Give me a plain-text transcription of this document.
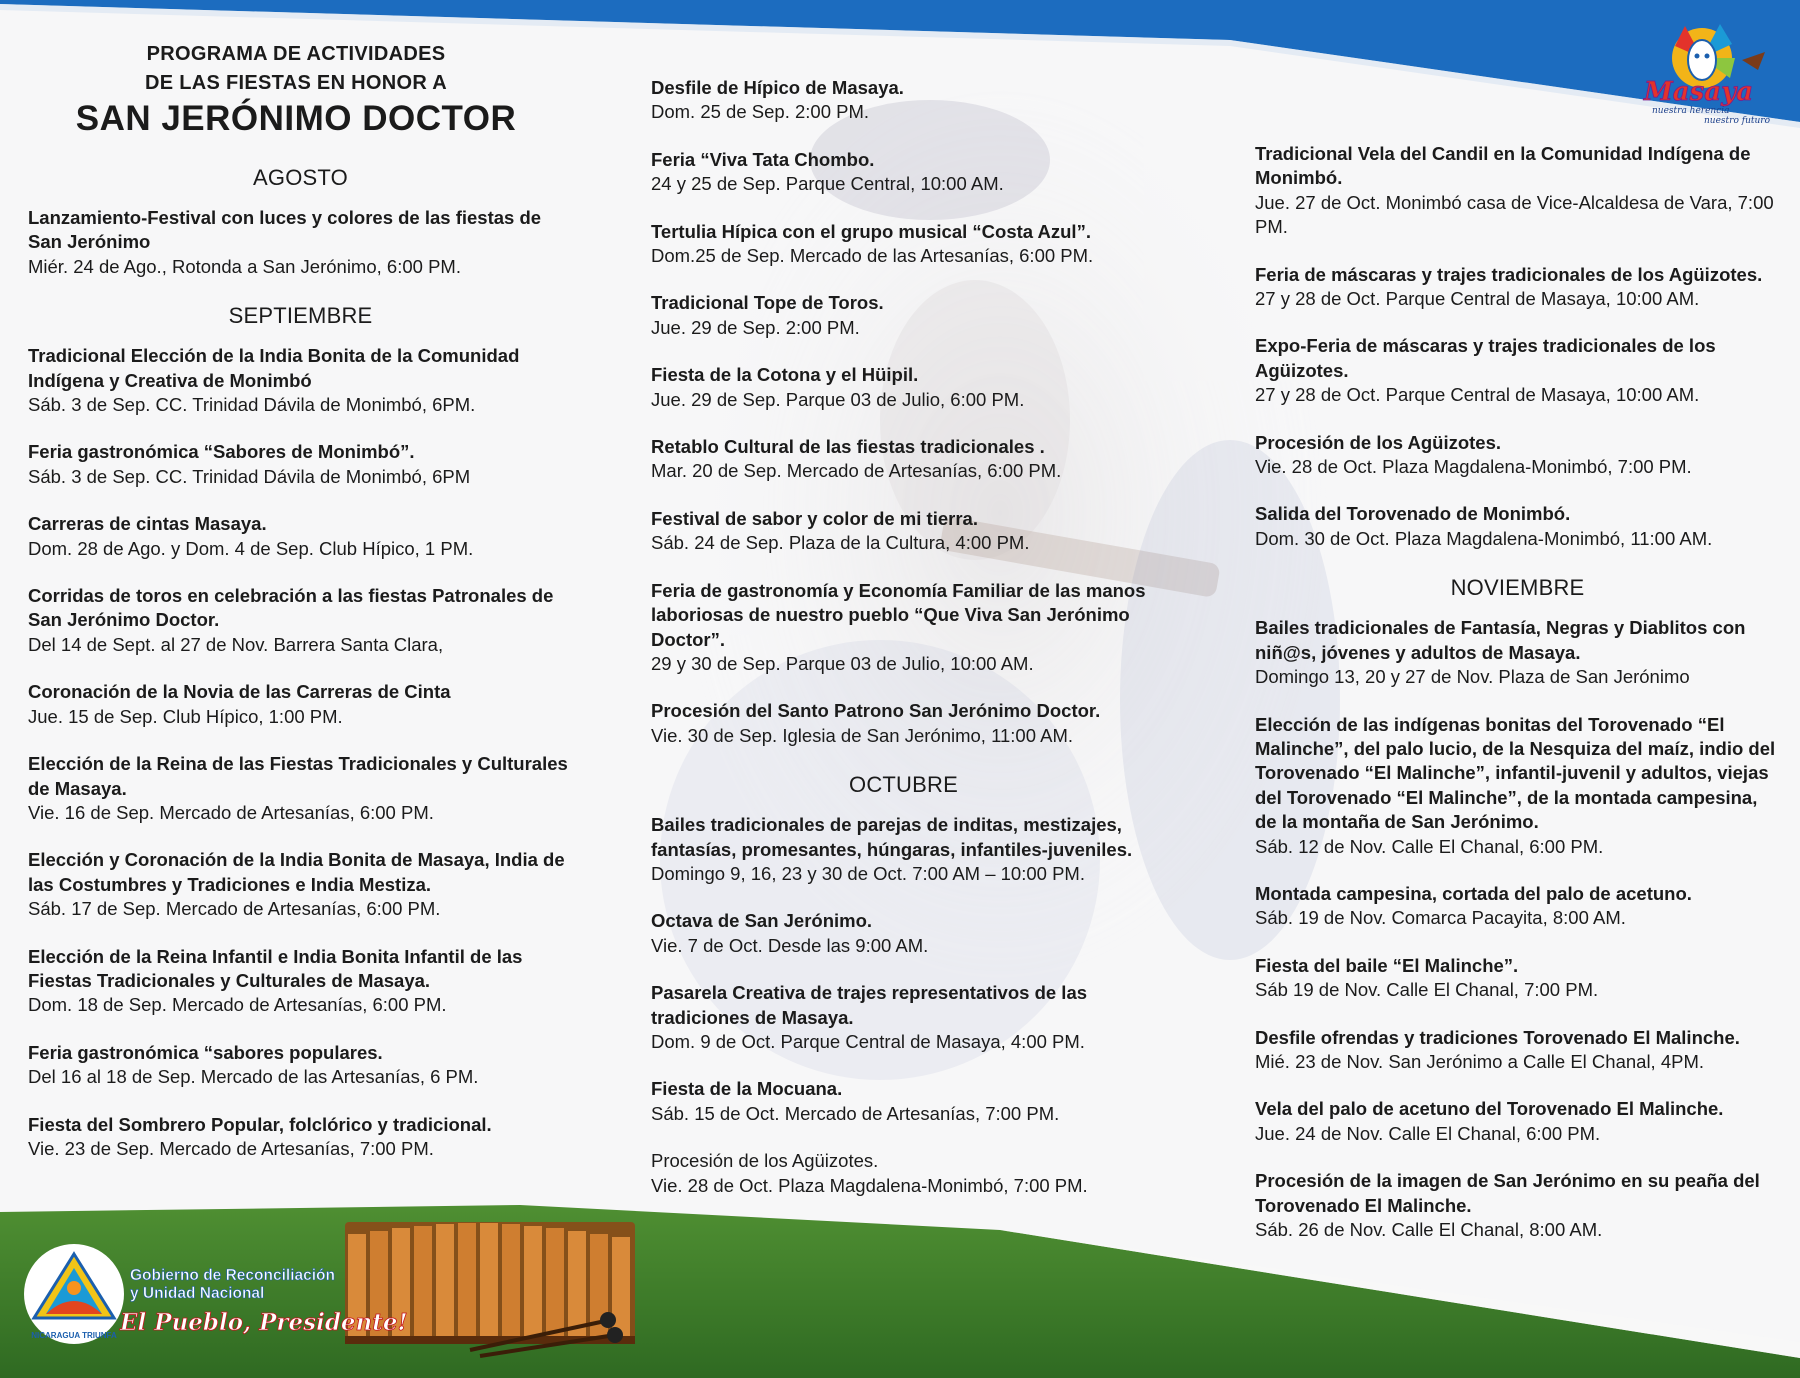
PROGRAMA DE ACTIVIDADES
DE LAS FIESTAS EN HONOR A
SAN JERÓNIMO DOCTOR
AGOSTO
Lanzamiento-Festival con luces y colores de las fiestas de San Jerónimo
Miér. 24 de Ago., Rotonda a San Jerónimo, 6:00 PM.
SEPTIEMBRE
Tradicional Elección de la India Bonita de la Comunidad Indígena y Creativa de Monimbó
Sáb. 3 de Sep. CC. Trinidad Dávila de Monimbó, 6PM.
Feria gastronómica “Sabores de Monimbó”.
Sáb. 3 de Sep. CC. Trinidad Dávila de Monimbó, 6PM
Carreras de cintas Masaya.
Dom. 28 de Ago. y Dom. 4 de Sep. Club Hípico, 1 PM.
Corridas de toros en celebración a las fiestas Patronales de San Jerónimo Doctor.
Del 14 de Sept. al 27 de Nov. Barrera Santa Clara,
Coronación de la Novia de las Carreras de Cinta
Jue. 15 de Sep. Club Hípico, 1:00 PM.
Elección de la Reina de las Fiestas Tradicionales y Culturales de Masaya.
Vie. 16 de Sep. Mercado de Artesanías, 6:00 PM.
Elección y Coronación de la India Bonita de Masaya, India de las Costumbres y Tradiciones e India Mestiza.
Sáb. 17 de Sep. Mercado de Artesanías, 6:00 PM.
Elección de la Reina Infantil e India Bonita Infantil de las Fiestas Tradicionales y Culturales de Masaya.
Dom. 18 de Sep. Mercado de Artesanías, 6:00 PM.
Feria gastronómica “sabores populares.
Del 16 al 18 de Sep. Mercado de las Artesanías, 6 PM.
Fiesta del Sombrero Popular, folclórico y tradicional.
Vie. 23 de Sep. Mercado de Artesanías, 7:00 PM.
Desfile de Hípico de Masaya.
Dom. 25 de Sep. 2:00 PM.
Feria “Viva Tata Chombo.
24 y 25 de Sep. Parque Central, 10:00 AM.
Tertulia Hípica con el grupo musical “Costa Azul”.
Dom.25 de Sep. Mercado de las Artesanías, 6:00 PM.
Tradicional Tope de Toros.
Jue. 29 de Sep. 2:00 PM.
Fiesta de la Cotona y el Hüipil.
Jue. 29 de Sep. Parque 03 de Julio, 6:00 PM.
Retablo Cultural de las fiestas tradicionales .
Mar. 20 de Sep. Mercado de Artesanías, 6:00 PM.
Festival de sabor y color de mi tierra.
Sáb. 24 de Sep. Plaza de la Cultura, 4:00 PM.
Feria de gastronomía y Economía Familiar de las manos laboriosas de nuestro pueblo “Que Viva San Jerónimo Doctor”.
29 y 30 de Sep. Parque 03 de Julio, 10:00 AM.
Procesión del Santo Patrono San Jerónimo Doctor.
Vie. 30 de Sep. Iglesia de San Jerónimo, 11:00 AM.
OCTUBRE
Bailes tradicionales de parejas de inditas, mestizajes, fantasías, promesantes, húngaras, infantiles-juveniles.
Domingo 9, 16, 23 y 30 de Oct. 7:00 AM – 10:00 PM.
Octava de San Jerónimo.
Vie. 7 de Oct. Desde las 9:00 AM.
Pasarela Creativa de trajes representativos de las tradiciones de Masaya.
Dom. 9 de Oct. Parque Central de Masaya, 4:00 PM.
Fiesta de la Mocuana.
Sáb. 15 de Oct. Mercado de Artesanías, 7:00 PM.
Procesión de los Agüizotes.
Vie. 28 de Oct. Plaza Magdalena-Monimbó, 7:00 PM.
Tradicional Vela del Candil en la Comunidad Indígena de Monimbó.
Jue. 27 de Oct. Monimbó casa de Vice-Alcaldesa de Vara, 7:00 PM.
Feria de máscaras y trajes tradicionales de los Agüizotes.
27 y 28 de Oct. Parque Central de Masaya, 10:00 AM.
Expo-Feria de máscaras y trajes tradicionales de los Agüizotes.
27 y 28 de Oct. Parque Central de Masaya, 10:00 AM.
Procesión de los Agüizotes.
Vie. 28 de Oct. Plaza Magdalena-Monimbó, 7:00 PM.
Salida del Torovenado de Monimbó.
Dom. 30 de Oct. Plaza Magdalena-Monimbó, 11:00 AM.
NOVIEMBRE
Bailes tradicionales de Fantasía, Negras y Diablitos con niñ@s, jóvenes y adultos de Masaya.
Domingo 13, 20 y 27 de Nov. Plaza de San Jerónimo
Elección de las indígenas bonitas del Torovenado “El Malinche”, del palo lucio, de la Nesquiza del maíz, indio del Torovenado “El Malinche”, infantil-juvenil y adultos, viejas del Torovenado “El Malinche”, de la montada campesina, de la montaña de San Jerónimo.
Sáb. 12 de Nov. Calle El Chanal, 6:00 PM.
Montada campesina, cortada del palo de acetuno.
Sáb. 19 de Nov. Comarca Pacayita, 8:00 AM.
Fiesta del baile “El Malinche”.
Sáb 19 de Nov. Calle El Chanal, 7:00 PM.
Desfile ofrendas y tradiciones Torovenado El Malinche.
Mié. 23 de Nov. San Jerónimo a Calle El Chanal, 4PM.
Vela del palo de acetuno del Torovenado El Malinche.
Jue. 24 de Nov. Calle El Chanal, 6:00 PM.
Procesión de la imagen de San Jerónimo en su peaña del Torovenado El Malinche.
Sáb. 26 de Nov. Calle El Chanal, 8:00 AM.
NICARAGUA TRIUNFA
Gobierno de Reconciliación
y Unidad Nacional
El Pueblo, Presidente!
Masaya
nuestra herencia
nuestro futuro
